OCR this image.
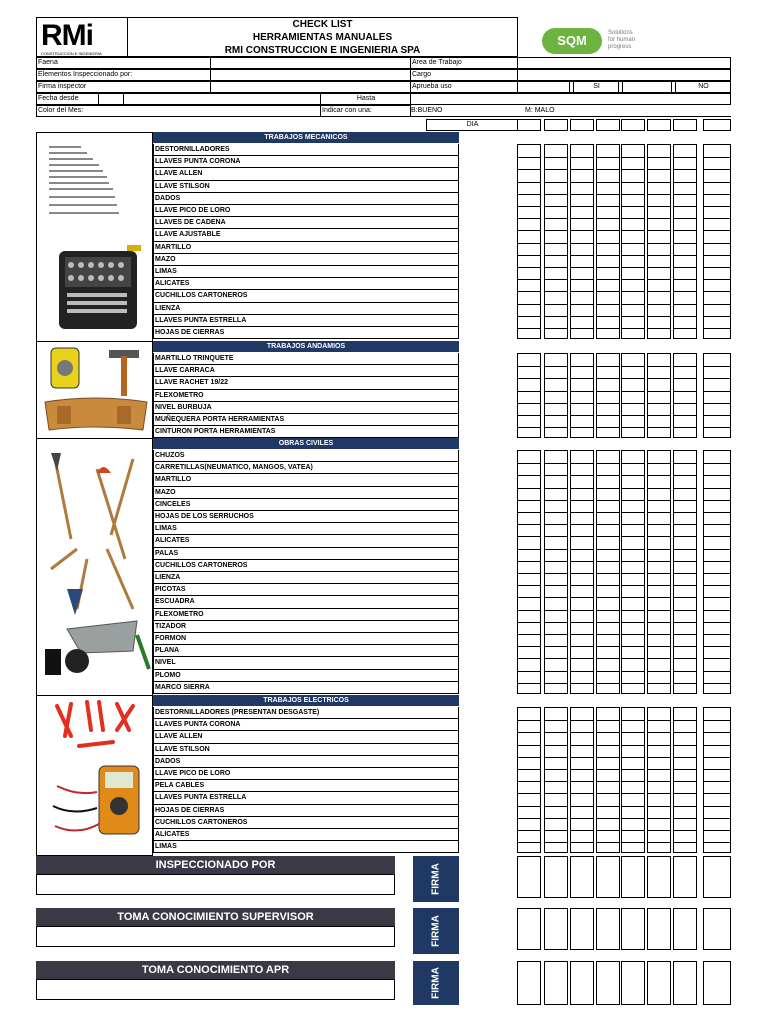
RMi
CONSTRUCCION E INGENIERIA
CHECK LIST
HERRAMIENTAS MANUALES
RMI CONSTRUCCION E INGENIERIA SPA
SQM	Solutions
for human
progress
Faena	Area de Trabajo
Elementos Inspeccionado por:	Cargo
Firma inspector	Aprueba uso	SI	NO
Fecha desde	Hasta
Color del Mes:	Indicar con una:	B:BUENO	M: MALO
DIA
TRABAJOS MECANICOS
DESTORNILLADORES
LLAVES PUNTA CORONA
LLAVE ALLEN
LLAVE STILSON
DADOS
LLAVE PICO DE LORO
LLAVES DE CADENA
LLAVE AJUSTABLE
MARTILLO
MAZO
LIMAS
ALICATES
CUCHILLOS CARTONEROS
LIENZA
LLAVES PUNTA ESTRELLA
HOJAS DE CIERRAS
TRABAJOS ANDAMIOS
MARTILLO TRINQUETE
LLAVE CARRACA
LLAVE RACHET 19/22
FLEXOMETRO
NIVEL BURBUJA
MUÑEQUERA PORTA HERRAMIENTAS
CINTURON PORTA HERRAMIENTAS
OBRAS CIVILES
CHUZOS
CARRETILLAS(NEUMATICO, MANGOS, VATEA)
MARTILLO
MAZO
CINCELES
HOJAS DE LOS SERRUCHOS
LIMAS
ALICATES
PALAS
CUCHILLOS CARTONEROS
LIENZA
PICOTAS
ESCUADRA
FLEXOMETRO
TIZADOR
FORMON
PLANA
NIVEL
PLOMO
MARCO SIERRA
TRABAJOS ELECTRICOS
DESTORNILLADORES (PRESENTAN DESGASTE)
LLAVES PUNTA CORONA
LLAVE ALLEN
LLAVE STILSON
DADOS
LLAVE PICO DE LORO
PELA CABLES
LLAVES PUNTA ESTRELLA
HOJAS DE CIERRAS
CUCHILLOS CARTONEROS
ALICATES
LIMAS
INSPECCIONADO POR	FIRMA
TOMA CONOCIMIENTO SUPERVISOR	FIRMA
TOMA CONOCIMIENTO APR	FIRMA
